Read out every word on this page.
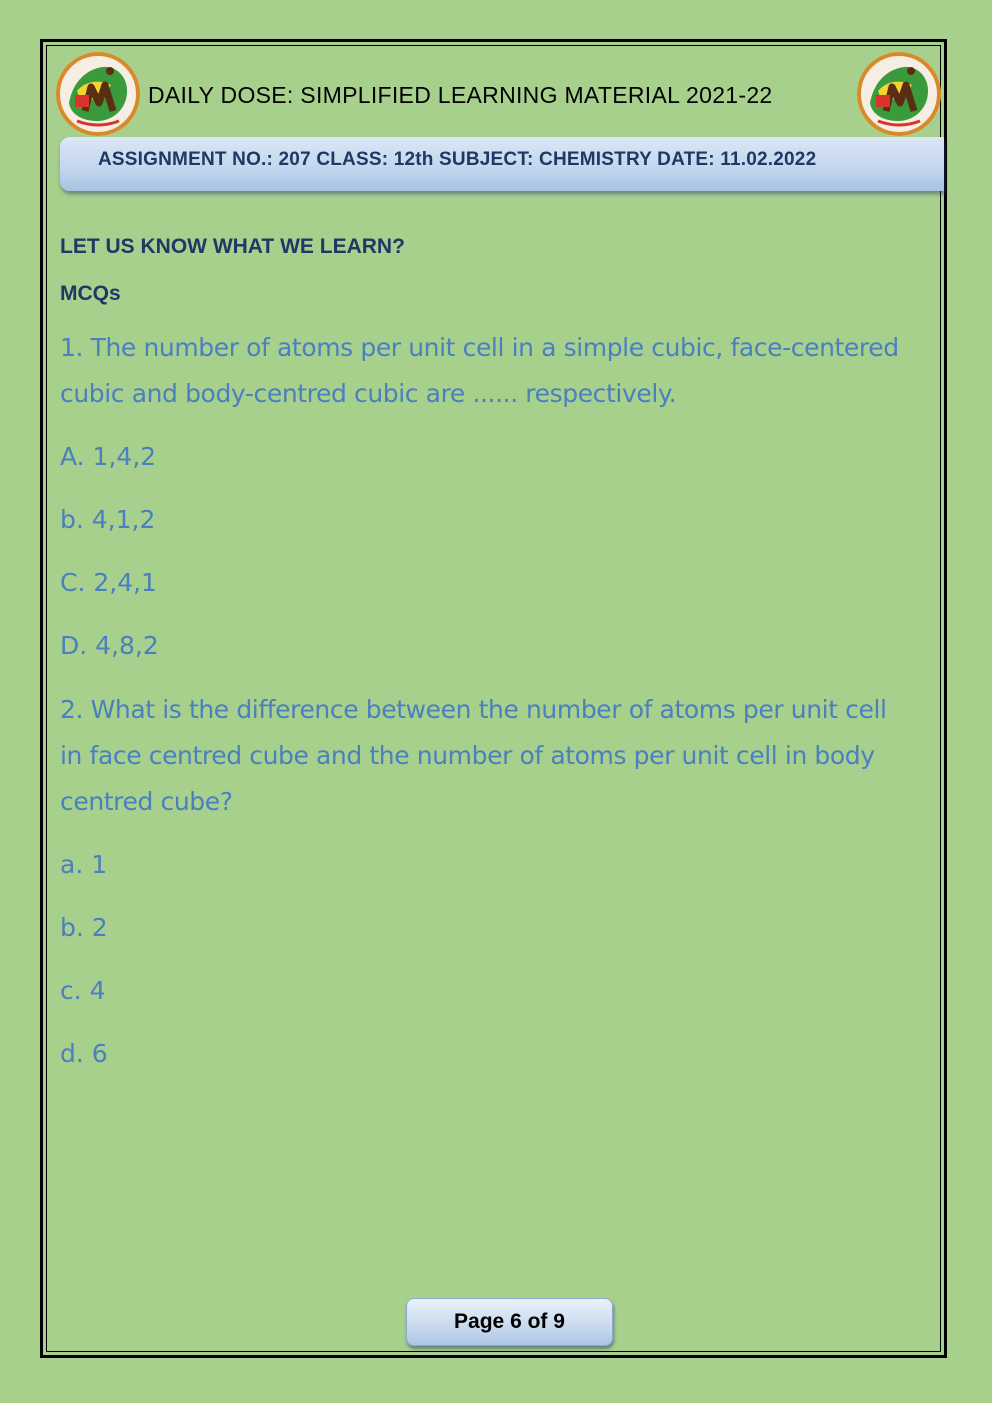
DAILY DOSE: SIMPLIFIED LEARNING MATERIAL 2021-22
ASSIGNMENT NO.: 207 CLASS: 12th SUBJECT: CHEMISTRY DATE: 11.02.2022
LET US KNOW WHAT WE LEARN?
MCQs
1. The number of atoms per unit cell in a simple cubic, face-centered
cubic and body-centred cubic are ...... respectively.
A. 1,4,2
b. 4,1,2
C. 2,4,1
D. 4,8,2
2. What is the difference between the number of atoms per unit cell
in face centred cube and the number of atoms per unit cell in body
centred cube?
a. 1
b. 2
c. 4
d. 6
Page 6 of 9
